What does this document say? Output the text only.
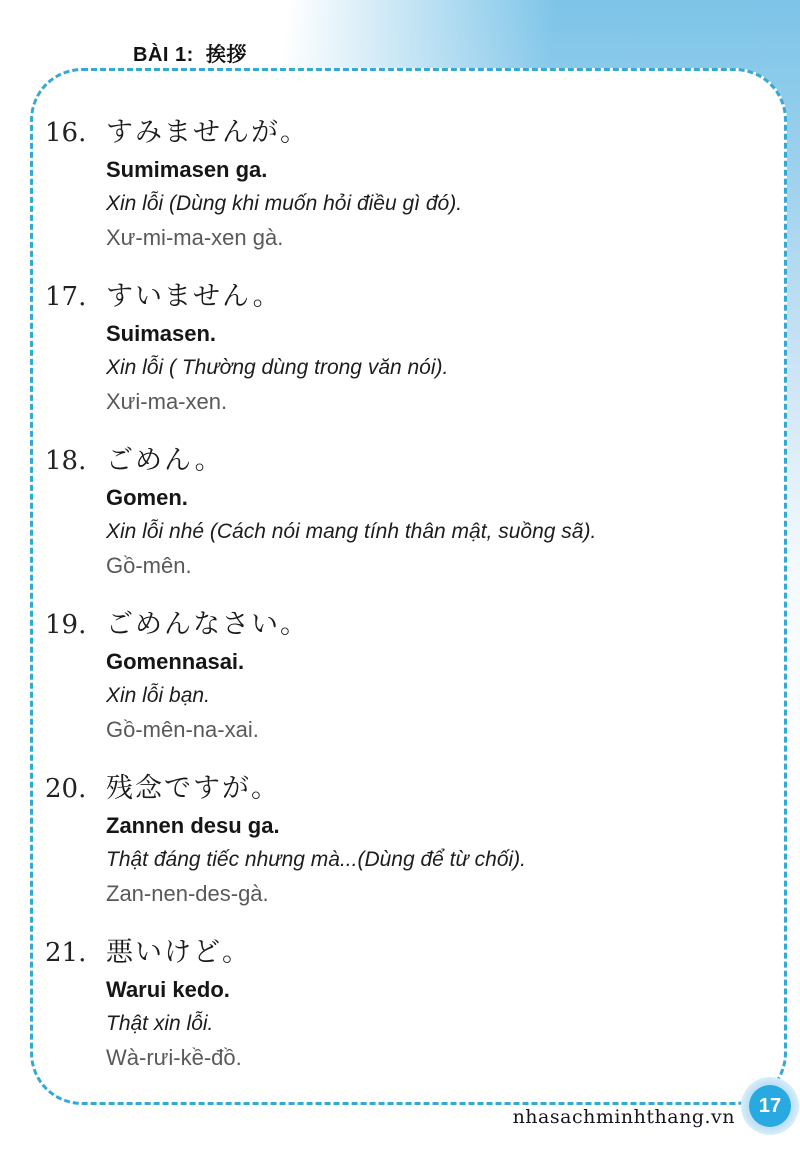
BÀI 1: 挨拶
16. すみませんが。
Sumimasen ga.
Xin lỗi (Dùng khi muốn hỏi điều gì đó).
Xư-mi-ma-xen gà.
17. すいません。
Suimasen.
Xin lỗi ( Thường dùng trong văn nói).
Xưi-ma-xen.
18. ごめん。
Gomen.
Xin lỗi nhé (Cách nói mang tính thân mật, suồng sã).
Gồ-mên.
19. ごめんなさい。
Gomennasai.
Xin lỗi bạn.
Gồ-mên-na-xai.
20. 残念ですが。
Zannen desu ga.
Thật đáng tiếc nhưng mà...(Dùng để từ chối).
Zan-nen-des-gà.
21. 悪いけど。
Warui kedo.
Thật xin lỗi.
Wà-rưi-kề-đồ.
nhasachminhthang.vn
17
